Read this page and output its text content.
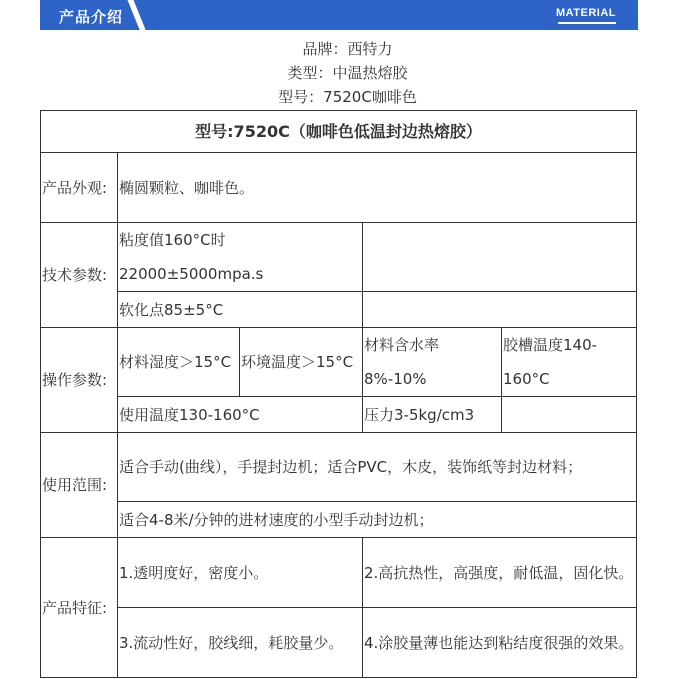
产品介绍	MATERIAL
品牌：西特力
类型：中温热熔胶
型号：7520C咖啡色
型号:7520C（咖啡色低温封边热熔胶）				
产品外观:	椭圆颗粒、咖啡色。			
技术参数:	粘度值160°C时22000±5000mpa.s			
	软化点85±5°C			
操作参数:	材料湿度＞15°C	环境温度＞15°C	材料含水率8%-10%	胶槽温度140-160°C
	使用温度130-160°C		压力3-5kg/cm3	
使用范围:	适合手动(曲线），手提封边机；适合PVC，木皮，装饰纸等封边材料；			
	适合4-8米/分钟的进材速度的小型手动封边机；			
产品特征:	1.透明度好，密度小。		2.高抗热性，高强度，耐低温，固化快。	
	3.流动性好，胶线细，耗胶量少。		4.涂胶量薄也能达到粘结度很强的效果。	
